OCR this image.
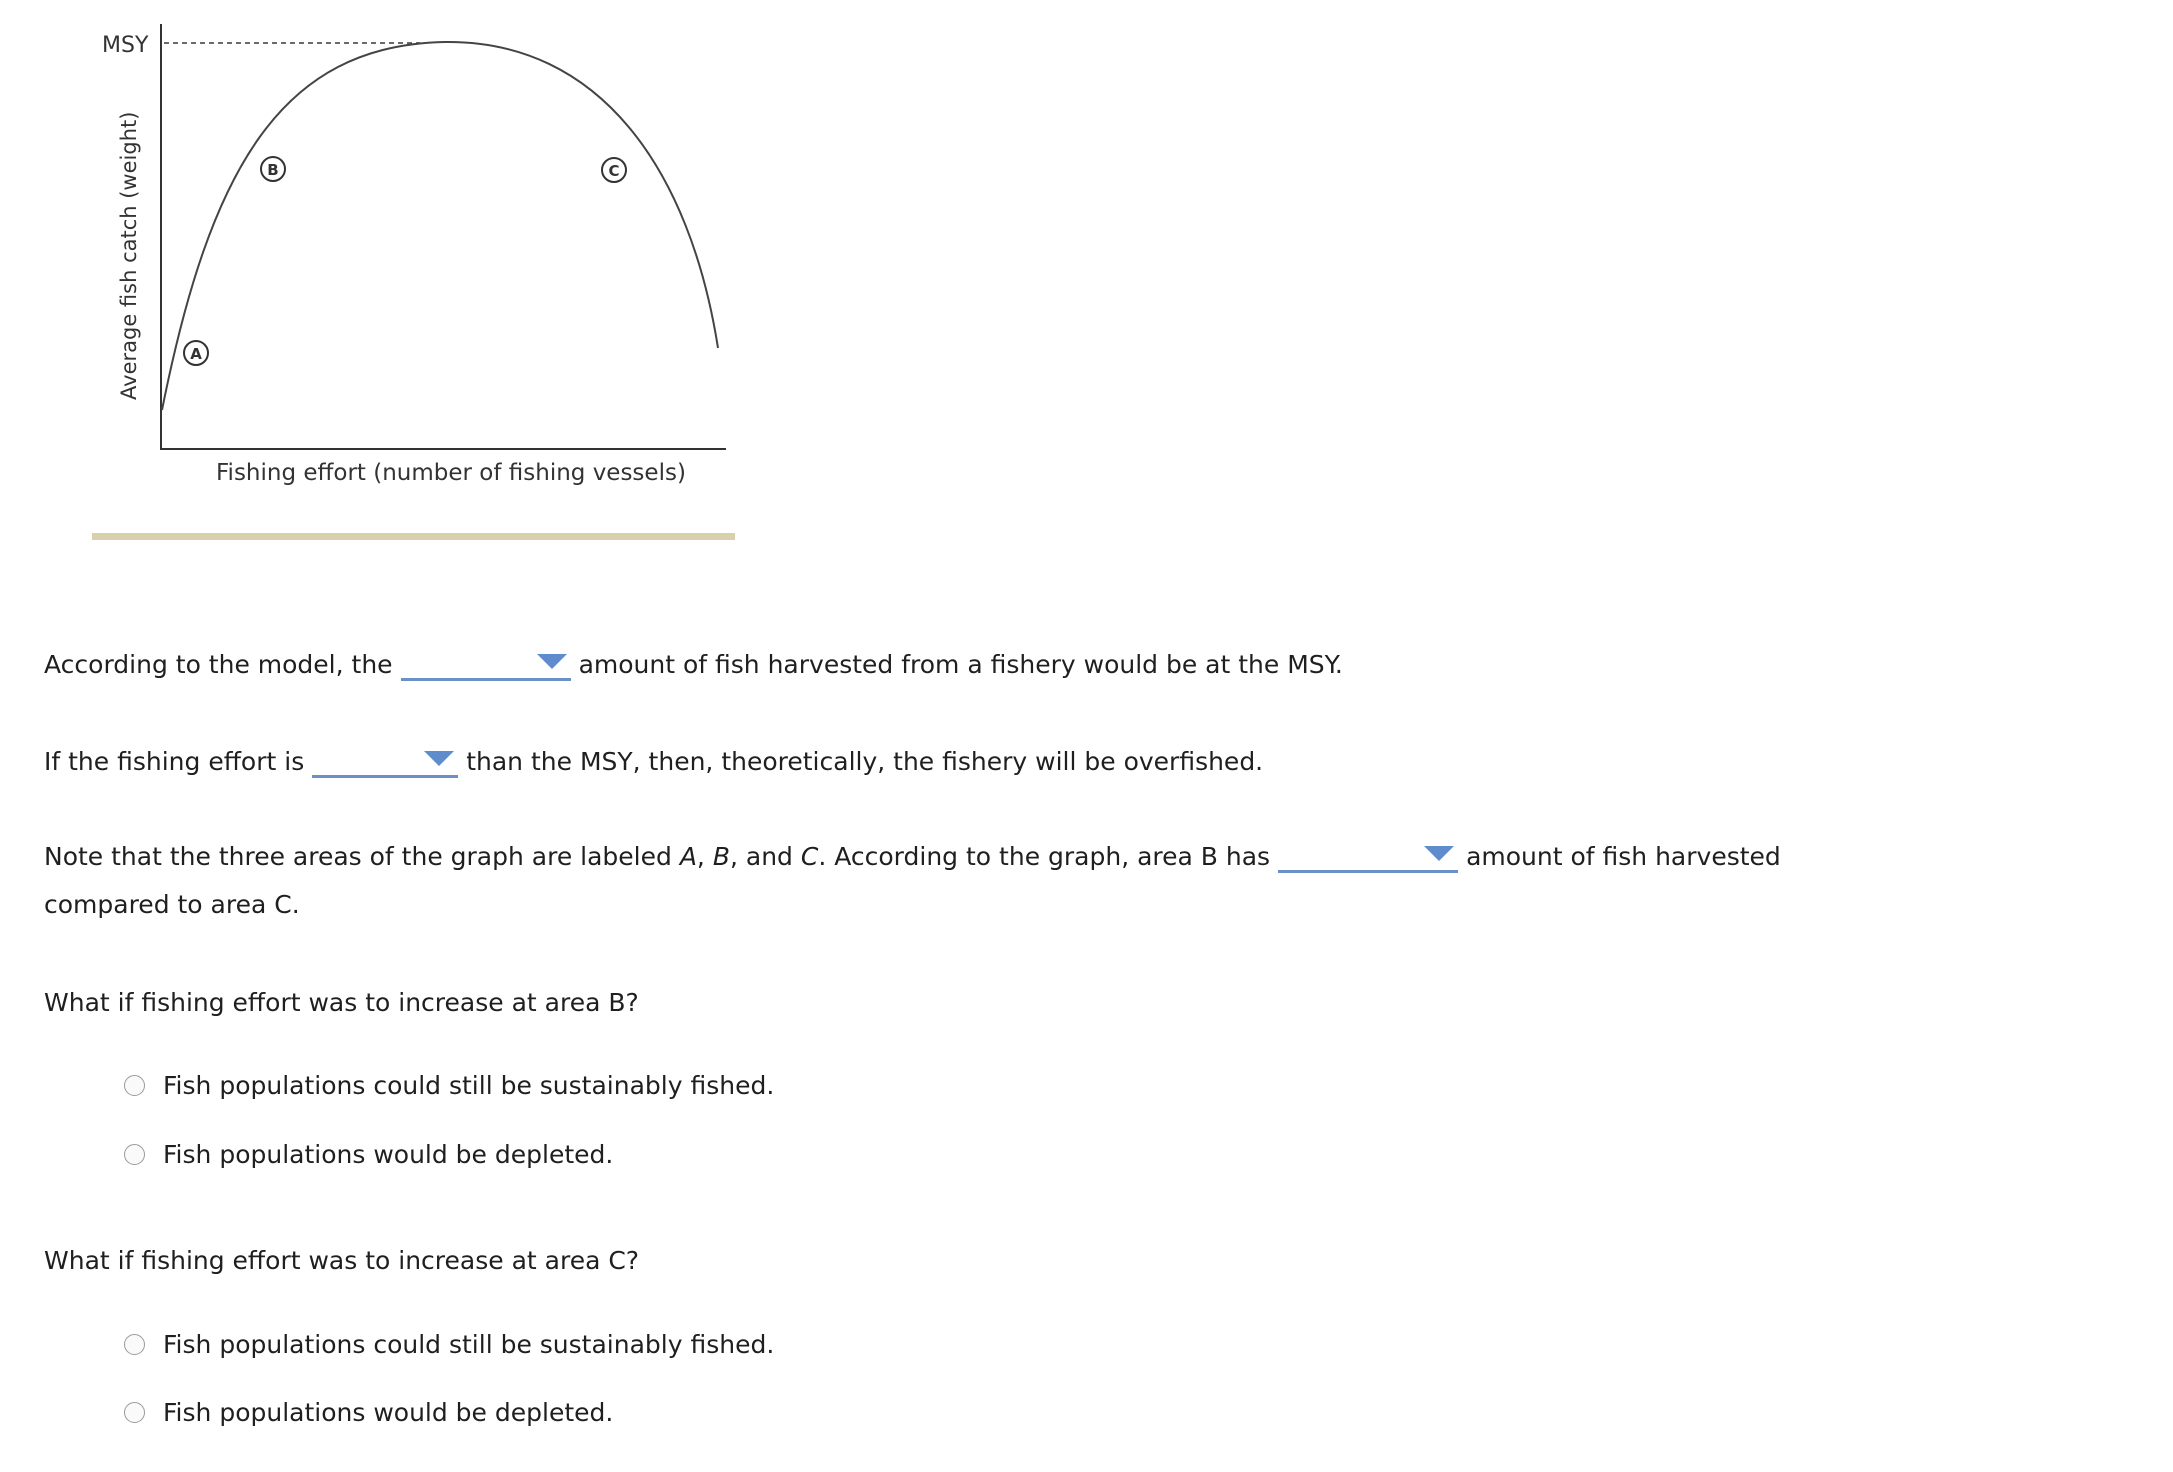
MSY
Average fish catch (weight)
Fishing effort (number of fishing vessels)
A
B	C
According to the model, the	amount of fish harvested from a fishery would be at the MSY.
If the fishing effort is	than the MSY, then, theoretically, the fishery will be overfished.
Note that the three areas of the graph are labeled A, B, and C. According to the graph, area B has	amount of fish harvested compared to area C.
What if fishing effort was to increase at area B?
Fish populations could still be sustainably fished.
Fish populations would be depleted.
What if fishing effort was to increase at area C?
Fish populations could still be sustainably fished.
Fish populations would be depleted.
